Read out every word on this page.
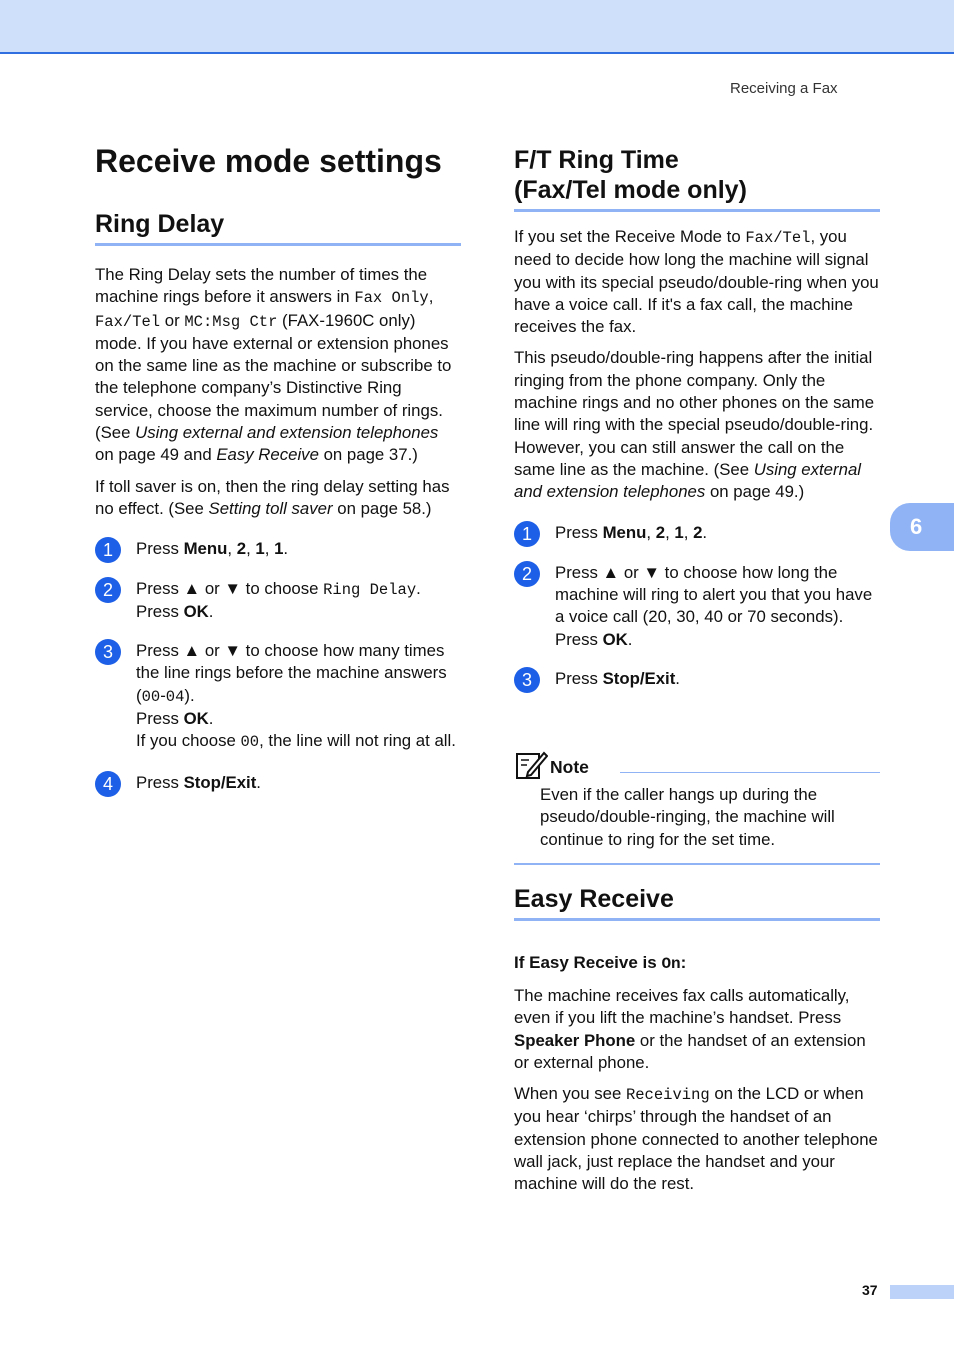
Receiving a Fax
6
Receive mode settings
Ring Delay

The Ring Delay sets the number of times the machine rings before it answers in Fax Only, Fax/Tel or MC:Msg Ctr (FAX-1960C only) mode. If you have external or extension phones on the same line as the machine or subscribe to the telephone company’s Distinctive Ring service, choose the maximum number of rings. (See Using external and extension telephones on page 49 and Easy Receive on page 37.)

If toll saver is on, then the ring delay setting has no effect. (See Setting toll saver on page 58.)

1	Press Menu, 2, 1, 1.
2	Press ▲ or ▼ to choose Ring Delay.
Press OK.
3	Press ▲ or ▼ to choose how many times the line rings before the machine answers (00-04).
Press OK.
If you choose 00, the line will not ring at all.
4	Press Stop/Exit.
F/T Ring Time
(Fax/Tel mode only)

If you set the Receive Mode to Fax/Tel, you need to decide how long the machine will signal you with its special pseudo/double-ring when you have a voice call. If it's a fax call, the machine receives the fax.

This pseudo/double-ring happens after the initial ringing from the phone company. Only the machine rings and no other phones on the same line will ring with the special pseudo/double-ring. However, you can still answer the call on the same line as the machine. (See Using external and extension telephones on page 49.)

1	Press Menu, 2, 1, 2.
2	Press ▲ or ▼ to choose how long the machine will ring to alert you that you have a voice call (20, 30, 40 or 70 seconds).
Press OK.
3	Press Stop/Exit.
Note

Even if the caller hangs up during the pseudo/double-ringing, the machine will continue to ring for the set time.

Easy Receive
If Easy Receive is On:

The machine receives fax calls automatically, even if you lift the machine’s handset. Press Speaker Phone or the handset of an extension or external phone.

When you see Receiving on the LCD or when you hear ‘chirps’ through the handset of an extension phone connected to another telephone wall jack, just replace the handset and your machine will do the rest.

37
